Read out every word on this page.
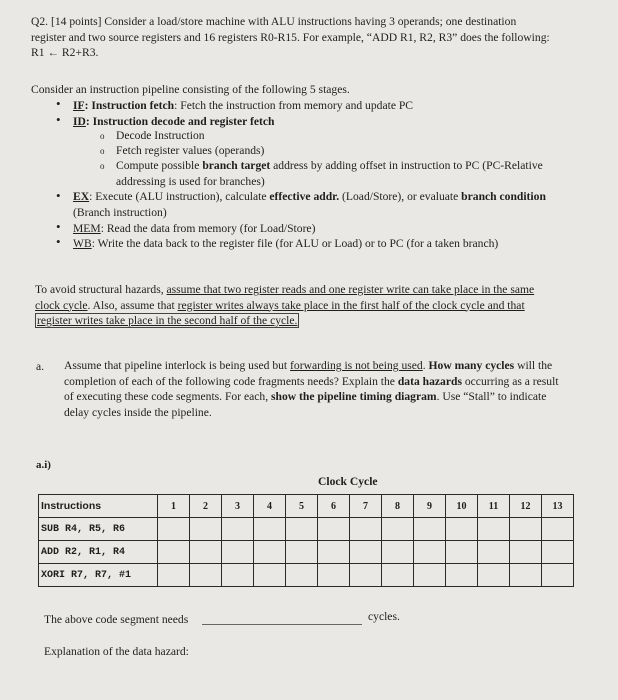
Q2. [14 points] Consider a load/store machine with ALU instructions having 3 operands; one destination
register and two source registers and 16 registers R0-R15. For example, “ADD R1, R2, R3” does the following:
R1 ← R2+R3.
Consider an instruction pipeline consisting of the following 5 stages.
• IF: Instruction fetch: Fetch the instruction from memory and update PC
• ID: Instruction decode and register fetch
o Decode Instruction
o Fetch register values (operands)
o Compute possible branch target address by adding offset in instruction to PC (PC-Relative
addressing is used for branches)
• EX: Execute (ALU instruction), calculate effective addr. (Load/Store), or evaluate branch condition
(Branch instruction)
• MEM: Read the data from memory (for Load/Store)
• WB: Write the data back to the register file (for ALU or Load) or to PC (for a taken branch)
To avoid structural hazards, assume that two register reads and one register write can take place in the same
clock cycle. Also, assume that register writes always take place in the first half of the clock cycle and that
register writes take place in the second half of the cycle.
a. Assume that pipeline interlock is being used but forwarding is not being used. How many cycles will the
completion of each of the following code fragments needs? Explain the data hazards occurring as a result
of executing these code segments. For each, show the pipeline timing diagram. Use “Stall” to indicate
delay cycles inside the pipeline.
a.i)
Clock Cycle
Instructions	1	2	3	4	5	6	7	8	9	10	11	12	13
SUB R4, R5, R6													
ADD R2, R1, R4													
XORI R7, R7, #1													
The above code segment needs	cycles.
Explanation of the data hazard:
